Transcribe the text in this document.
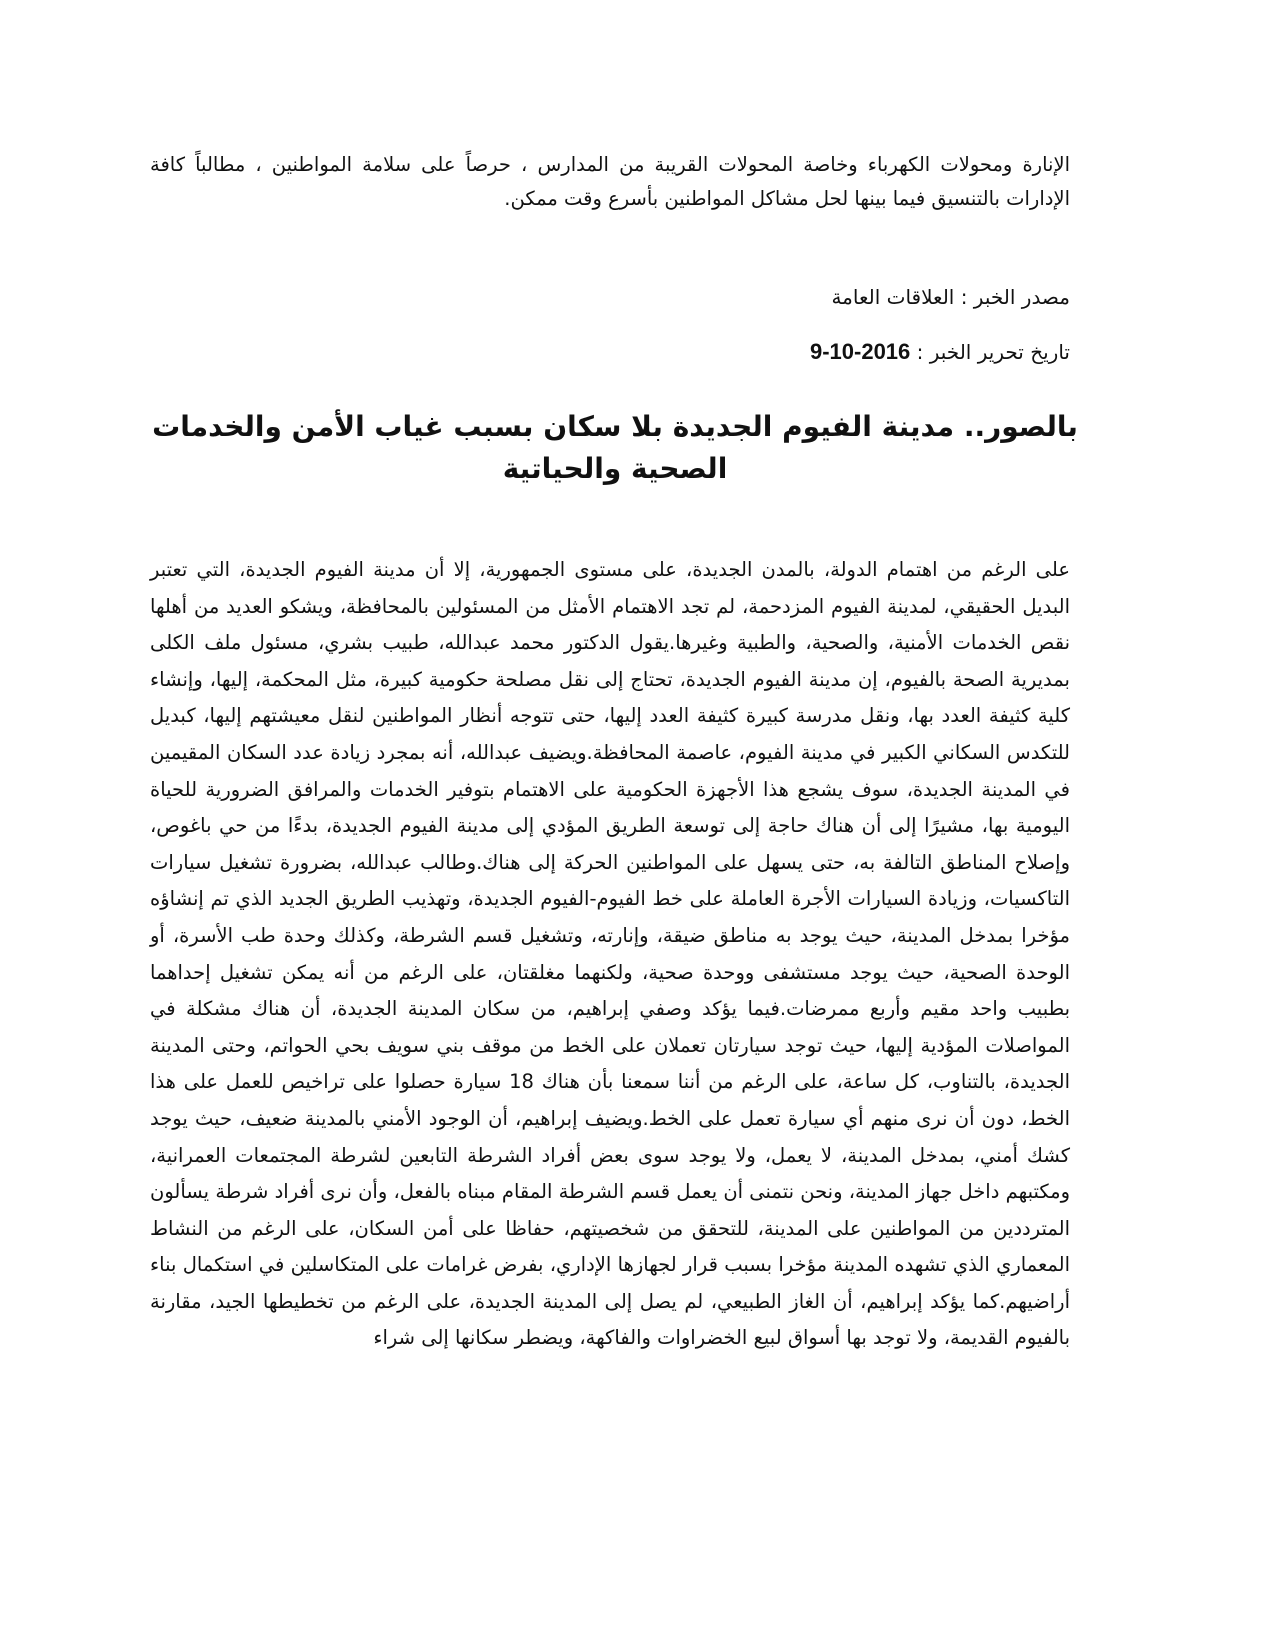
الإنارة ومحولات الكهرباء وخاصة المحولات القريبة من المدارس ، حرصاً على سلامة المواطنين ، مطالباً كافة الإدارات بالتنسيق فيما بينها لحل مشاكل المواطنين بأسرع وقت ممكن.

مصدر الخبر : العلاقات العامة
تاريخ تحرير الخبر : 9-10-2016
بالصور.. مدينة الفيوم الجديدة بلا سكان بسبب غياب الأمن والخدمات الصحية والحياتية

على الرغم من اهتمام الدولة، بالمدن الجديدة، على مستوى الجمهورية، إلا أن مدينة الفيوم الجديدة، التي تعتبر البديل الحقيقي، لمدينة الفيوم المزدحمة، لم تجد الاهتمام الأمثل من المسئولين بالمحافظة، ويشكو العديد من أهلها نقص الخدمات الأمنية، والصحية، والطبية وغيرها.يقول الدكتور محمد عبدالله، طبيب بشري، مسئول ملف الكلى بمديرية الصحة بالفيوم، إن مدينة الفيوم الجديدة، تحتاج إلى نقل مصلحة حكومية كبيرة، مثل المحكمة، إليها، وإنشاء كلية كثيفة العدد بها، ونقل مدرسة كبيرة كثيفة العدد إليها، حتى تتوجه أنظار المواطنين لنقل معيشتهم إليها، كبديل للتكدس السكاني الكبير في مدينة الفيوم، عاصمة المحافظة.ويضيف عبدالله، أنه بمجرد زيادة عدد السكان المقيمين في المدينة الجديدة، سوف يشجع هذا الأجهزة الحكومية على الاهتمام بتوفير الخدمات والمرافق الضرورية للحياة اليومية بها، مشيرًا إلى أن هناك حاجة إلى توسعة الطريق المؤدي إلى مدينة الفيوم الجديدة، بدءًا من حي باغوص، وإصلاح المناطق التالفة به، حتى يسهل على المواطنين الحركة إلى هناك.وطالب عبدالله، بضرورة تشغيل سيارات التاكسيات، وزيادة السيارات الأجرة العاملة على خط الفيوم-الفيوم الجديدة، وتهذيب الطريق الجديد الذي تم إنشاؤه مؤخرا بمدخل المدينة، حيث يوجد به مناطق ضيقة، وإنارته، وتشغيل قسم الشرطة، وكذلك وحدة طب الأسرة، أو الوحدة الصحية، حيث يوجد مستشفى ووحدة صحية، ولكنهما مغلقتان، على الرغم من أنه يمكن تشغيل إحداهما بطبيب واحد مقيم وأربع ممرضات.فيما يؤكد وصفي إبراهيم، من سكان المدينة الجديدة، أن هناك مشكلة في المواصلات المؤدية إليها، حيث توجد سيارتان تعملان على الخط من موقف بني سويف بحي الحواتم، وحتى المدينة الجديدة، بالتناوب، كل ساعة، على الرغم من أننا سمعنا بأن هناك 18 سيارة حصلوا على تراخيص للعمل على هذا الخط، دون أن نرى منهم أي سيارة تعمل على الخط.ويضيف إبراهيم، أن الوجود الأمني بالمدينة ضعيف، حيث يوجد كشك أمني، بمدخل المدينة، لا يعمل، ولا يوجد سوى بعض أفراد الشرطة التابعين لشرطة المجتمعات العمرانية، ومكتبهم داخل جهاز المدينة، ونحن نتمنى أن يعمل قسم الشرطة المقام مبناه بالفعل، وأن نرى أفراد شرطة يسألون المترددين من المواطنين على المدينة، للتحقق من شخصيتهم، حفاظا على أمن السكان، على الرغم من النشاط المعماري الذي تشهده المدينة مؤخرا بسبب قرار لجهازها الإداري، بفرض غرامات على المتكاسلين في استكمال بناء أراضيهم.كما يؤكد إبراهيم، أن الغاز الطبيعي، لم يصل إلى المدينة الجديدة، على الرغم من تخطيطها الجيد، مقارنة بالفيوم القديمة، ولا توجد بها أسواق لبيع الخضراوات والفاكهة، ويضطر سكانها إلى شراء
